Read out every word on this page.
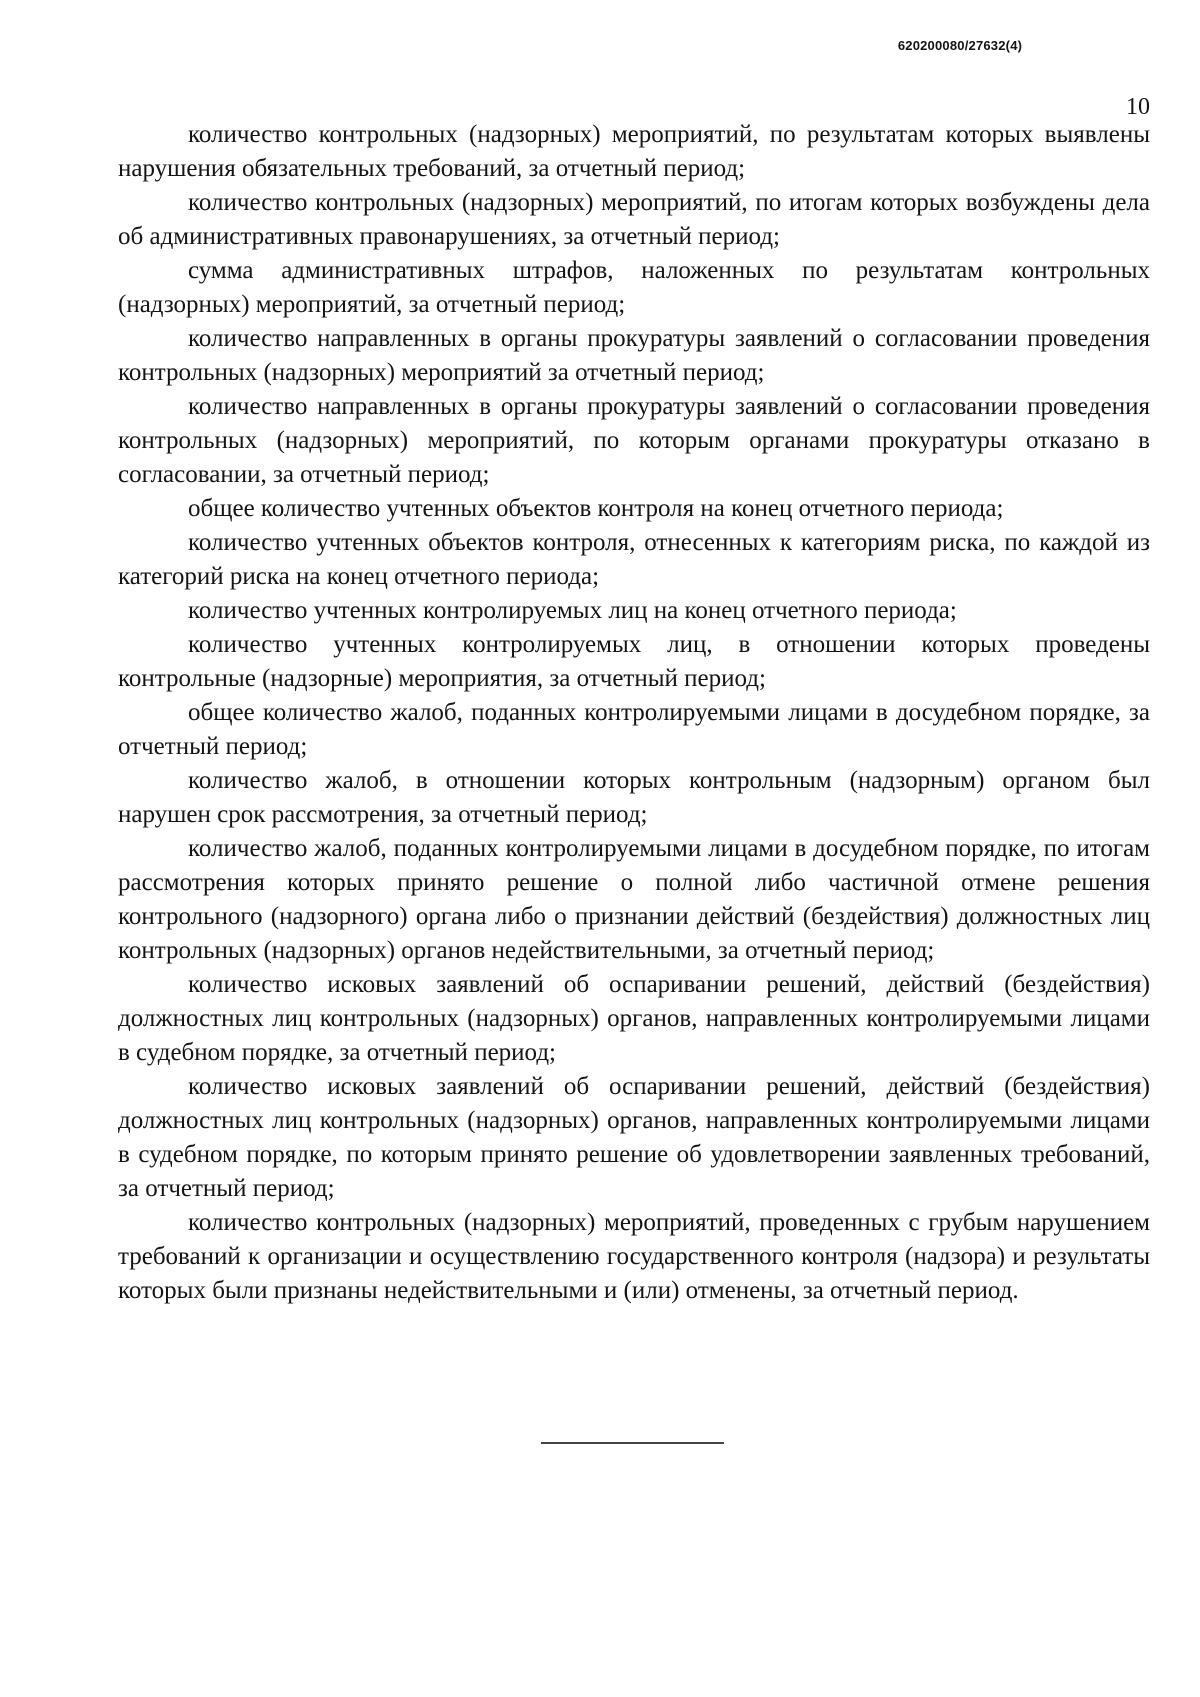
620200080/27632(4)
10

количество контрольных (надзорных) мероприятий, по результатам которых выявлены нарушения обязательных требований, за отчетный период;

количество контрольных (надзорных) мероприятий, по итогам которых возбуждены дела об административных правонарушениях, за отчетный период;

сумма административных штрафов, наложенных по результатам контрольных (надзорных) мероприятий, за отчетный период;

количество направленных в органы прокуратуры заявлений о согласовании проведения контрольных (надзорных) мероприятий за отчетный период;

количество направленных в органы прокуратуры заявлений о согласовании проведения контрольных (надзорных) мероприятий, по которым органами прокуратуры отказано в согласовании, за отчетный период;

общее количество учтенных объектов контроля на конец отчетного периода;

количество учтенных объектов контроля, отнесенных к категориям риска, по каждой из категорий риска на конец отчетного периода;

количество учтенных контролируемых лиц на конец отчетного периода;

количество учтенных контролируемых лиц, в отношении которых проведены контрольные (надзорные) мероприятия, за отчетный период;

общее количество жалоб, поданных контролируемыми лицами в досудебном порядке, за отчетный период;

количество жалоб, в отношении которых контрольным (надзорным) органом был нарушен срок рассмотрения, за отчетный период;

количество жалоб, поданных контролируемыми лицами в досудебном порядке, по итогам рассмотрения которых принято решение о полной либо частичной отмене решения контрольного (надзорного) органа либо о признании действий (бездействия) должностных лиц контрольных (надзорных) органов недействительными, за отчетный период;

количество исковых заявлений об оспаривании решений, действий (бездействия) должностных лиц контрольных (надзорных) органов, направленных контролируемыми лицами в судебном порядке, за отчетный период;

количество исковых заявлений об оспаривании решений, действий (бездействия) должностных лиц контрольных (надзорных) органов, направленных контролируемыми лицами в судебном порядке, по которым принято решение об удовлетворении заявленных требований, за отчетный период;

количество контрольных (надзорных) мероприятий, проведенных с грубым нарушением требований к организации и осуществлению государственного контроля (надзора) и результаты которых были признаны недействительными и (или) отменены, за отчетный период.
